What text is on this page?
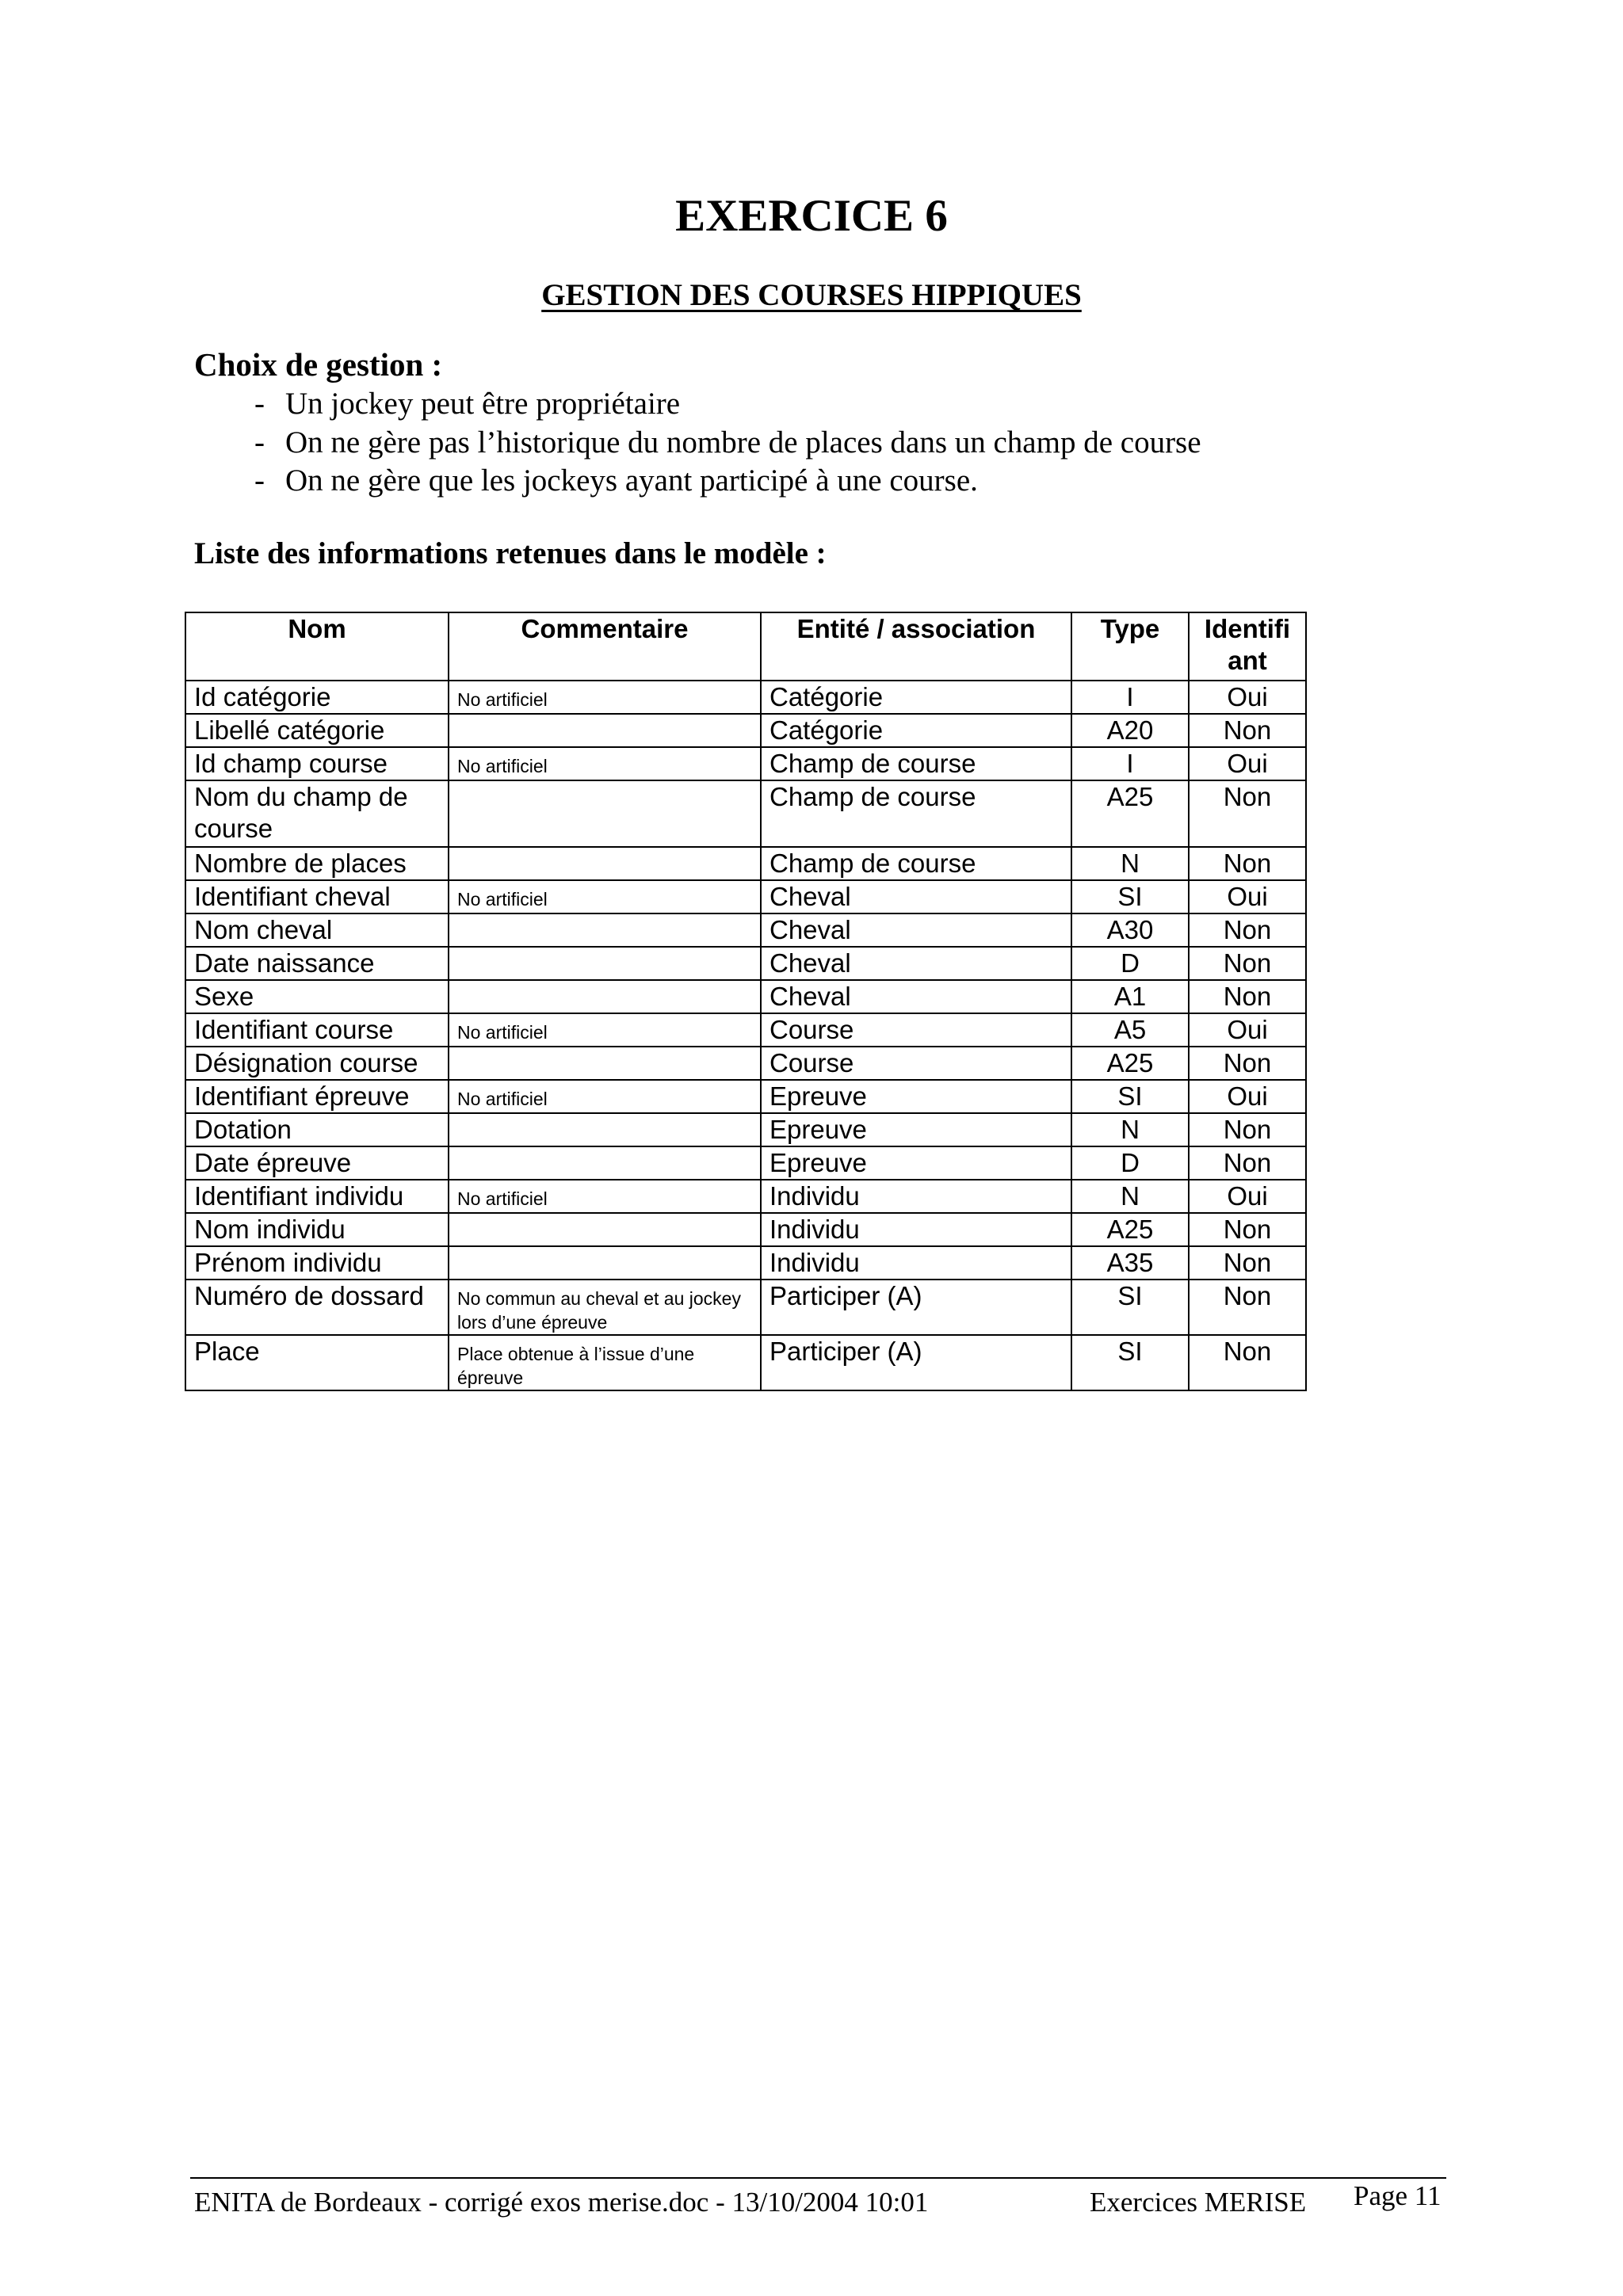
EXERCICE 6
GESTION DES COURSES HIPPIQUES
Choix de gestion :
- Un jockey peut être propriétaire
- On ne gère pas l’historique du nombre de places dans un champ de course
- On ne gère que les jockeys ayant participé à une course.
Liste des informations retenues dans le modèle :
Nom	Commentaire	Entité / association	Type	Identifi
ant
Id catégorie	No artificiel	Catégorie	I	Oui
Libellé catégorie		Catégorie	A20	Non
Id champ course	No artificiel	Champ de course	I	Oui
Nom du champ de course		Champ de course	A25	Non
Nombre de places		Champ de course	N	Non
Identifiant cheval	No artificiel	Cheval	SI	Oui
Nom cheval		Cheval	A30	Non
Date naissance		Cheval	D	Non
Sexe		Cheval	A1	Non
Identifiant course	No artificiel	Course	A5	Oui
Désignation course		Course	A25	Non
Identifiant épreuve	No artificiel	Epreuve	SI	Oui
Dotation		Epreuve	N	Non
Date épreuve		Epreuve	D	Non
Identifiant individu	No artificiel	Individu	N	Oui
Nom individu		Individu	A25	Non
Prénom individu		Individu	A35	Non
Numéro de dossard	No commun au cheval et au jockey lors d’une épreuve	Participer (A)	SI	Non
Place	Place obtenue à l’issue d’une épreuve	Participer (A)	SI	Non

ENITA de Bordeaux - corrigé exos merise.doc - 13/10/2004 10:01	Exercices MERISE Page 11
